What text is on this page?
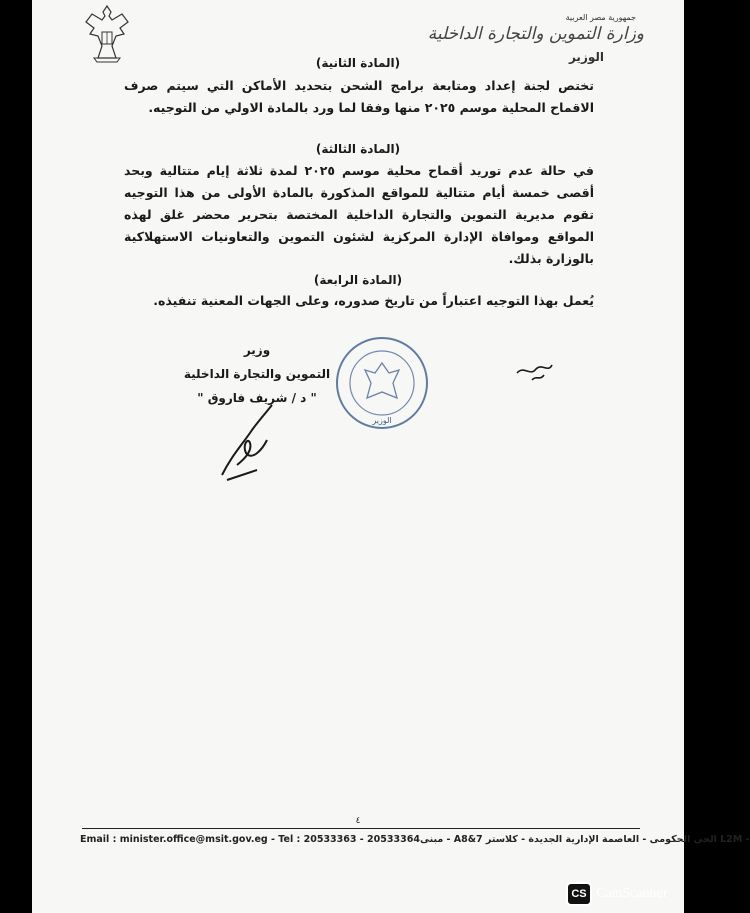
جمهورية مصر العربية
وزارة التموين والتجارة الداخلية
الوزير
(المادة الثانية)
تختص لجنة إعداد ومتابعة برامج الشحن بتحديد الأماكن التي سيتم صرف الاقماح المحلية موسم ٢٠٢٥ منها وفقا لما ورد بالمادة الاولي من التوجيه.
(المادة الثالثة)
في حالة عدم توريد أقماح محلية موسم ٢٠٢٥ لمدة ثلاثة إيام متتالية وبحد أقصى خمسة أيام متتالية للمواقع المذكورة بالمادة الأولى من هذا التوجيه تقوم مديرية التموين والتجارة الداخلية المختصة بتحرير محضر غلق لهذه المواقع وموافاة الإدارة المركزية لشئون التموين والتعاونيات الاستهلاكية بالوزارة بذلك.
(المادة الرابعة)
يُعمل بهذا التوجيه اعتباراً من تاريخ صدوره، وعلى الجهات المعنية تنفيذه.
وزير
التموين والتجارة الداخلية
" د / شريف فاروق "
الوزير
٤
Email : minister.office@msit.gov.eg - Tel : 20533363 - 20533364 - L2M الحى الحكومى - العاصمة الإدارية الجديدة - كلاستر A8&7 - مبنى
CS CamScanner
